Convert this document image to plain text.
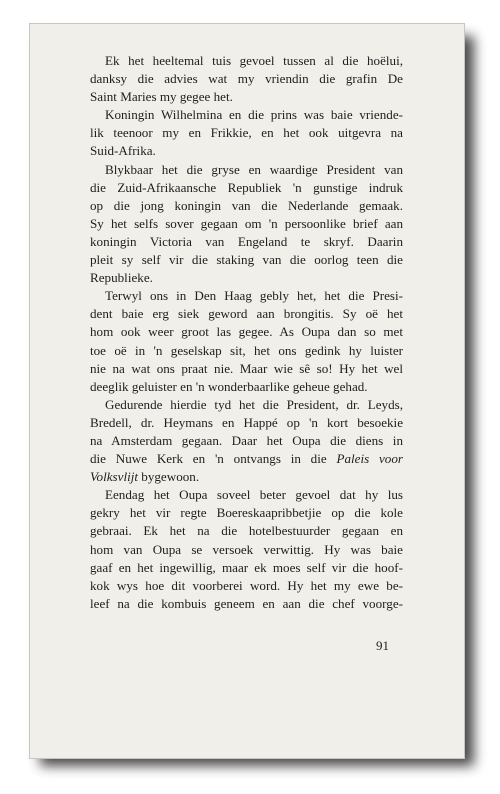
Ek het heeltemal tuis gevoel tussen al die hoëlui,
danksy die advies wat my vriendin die grafin De
Saint Maries my gegee het.
Koningin Wilhelmina en die prins was baie vriende-
lik teenoor my en Frikkie, en het ook uitgevra na
Suid-Afrika.
Blykbaar het die gryse en waardige President van
die Zuid-Afrikaansche Republiek 'n gunstige indruk
op die jong koningin van die Nederlande gemaak.
Sy het selfs sover gegaan om 'n persoonlike brief aan
koningin Victoria van Engeland te skryf. Daarin
pleit sy self vir die staking van die oorlog teen die
Republieke.
Terwyl ons in Den Haag gebly het, het die Presi-
dent baie erg siek geword aan brongitis. Sy oë het
hom ook weer groot las gegee. As Oupa dan so met
toe oë in 'n geselskap sit, het ons gedink hy luister
nie na wat ons praat nie. Maar wie sê so! Hy het wel
deeglik geluister en 'n wonderbaarlike geheue gehad.
Gedurende hierdie tyd het die President, dr. Leyds,
Bredell, dr. Heymans en Happé op 'n kort besoekie
na Amsterdam gegaan. Daar het Oupa die diens in
die Nuwe Kerk en 'n ontvangs in die Paleis voor
Volksvlijt bygewoon.
Eendag het Oupa soveel beter gevoel dat hy lus
gekry het vir regte Boereskaapribbetjie op die kole
gebraai. Ek het na die hotelbestuurder gegaan en
hom van Oupa se versoek verwittig. Hy was baie
gaaf en het ingewillig, maar ek moes self vir die hoof-
kok wys hoe dit voorberei word. Hy het my ewe be-
leef na die kombuis geneem en aan die chef voorge-
91
